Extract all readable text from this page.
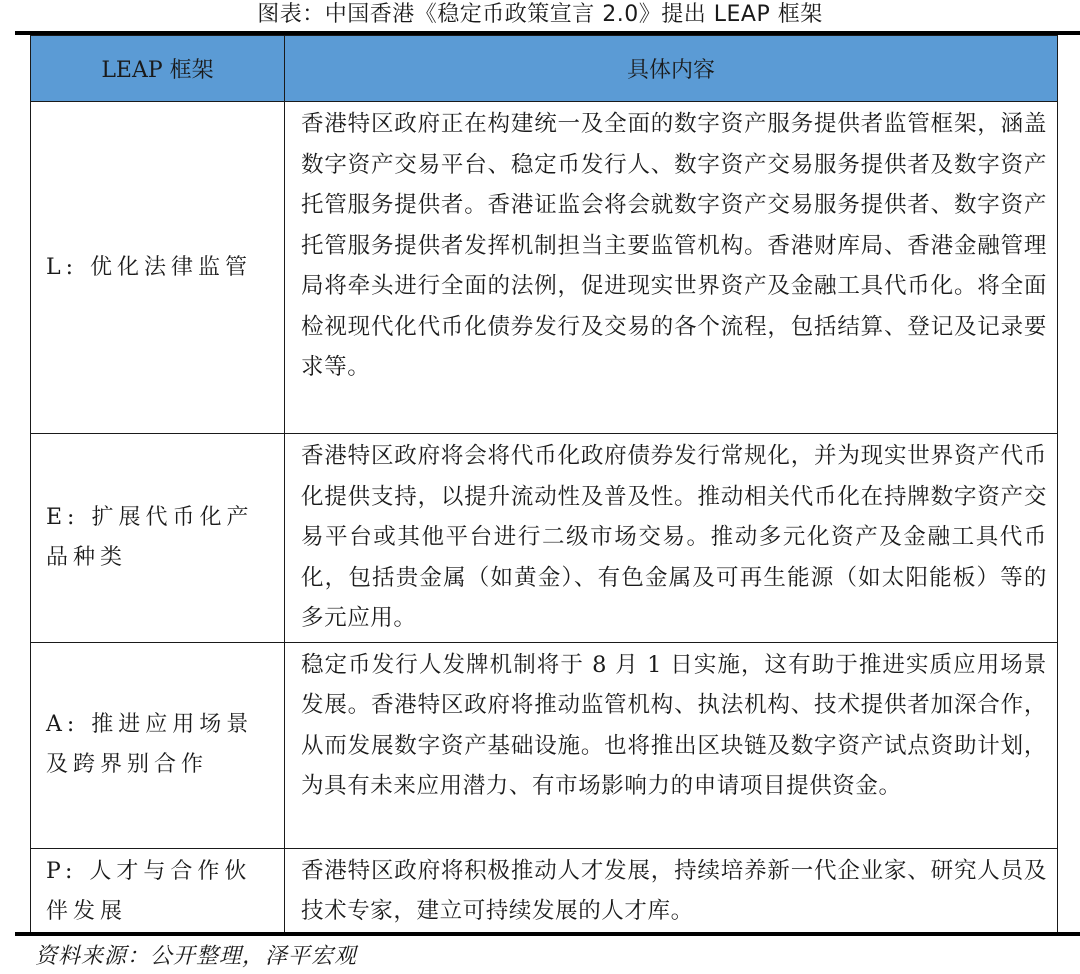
图表：中国香港《稳定币政策宣言 2.0》提出 LEAP 框架
LEAP 框架	具体内容
L: 优化法律监管	香港特区政府正在构建统一及全面的数字资产服务提供者监管框架，涵盖数字资产交易平台、稳定币发行人、数字资产交易服务提供者及数字资产托管服务提供者。香港证监会将会就数字资产交易服务提供者、数字资产托管服务提供者发挥机制担当主要监管机构。香港财库局、香港金融管理局将牵头进行全面的法例，促进现实世界资产及金融工具代币化。将全面检视现代化代币化债券发行及交易的各个流程，包括结算、登记及记录要求等。
E: 扩展代币化产品种类	香港特区政府将会将代币化政府债券发行常规化，并为现实世界资产代币化提供支持，以提升流动性及普及性。推动相关代币化在持牌数字资产交易平台或其他平台进行二级市场交易。推动多元化资产及金融工具代币化，包括贵金属（如黄金）、有色金属及可再生能源（如太阳能板）等的多元应用。
A: 推进应用场景及跨界别合作	稳定币发行人发牌机制将于 8 月 1 日实施，这有助于推进实质应用场景发展。香港特区政府将推动监管机构、执法机构、技术提供者加深合作，从而发展数字资产基础设施。也将推出区块链及数字资产试点资助计划，为具有未来应用潜力、有市场影响力的申请项目提供资金。
P: 人才与合作伙伴发展	香港特区政府将积极推动人才发展，持续培养新一代企业家、研究人员及技术专家，建立可持续发展的人才库。
资料来源：公开整理，泽平宏观
